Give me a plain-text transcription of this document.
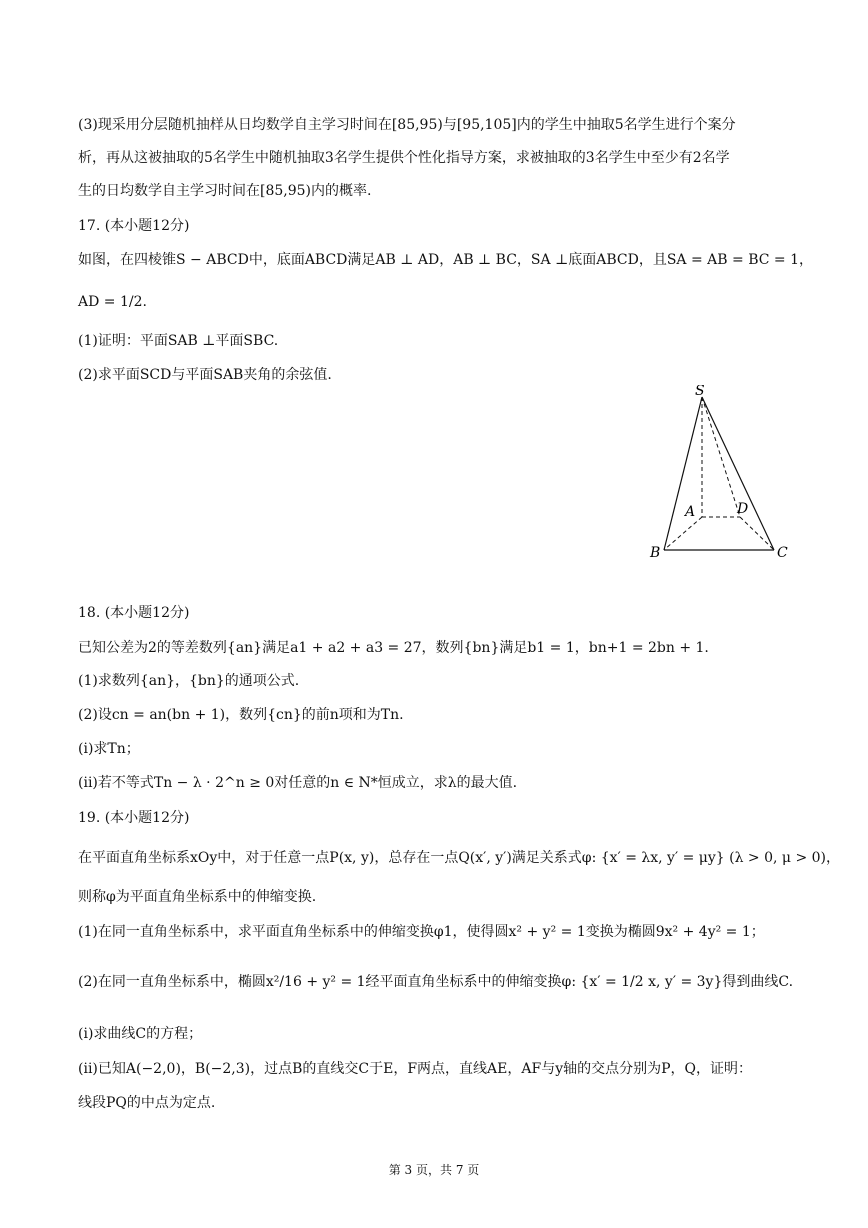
(3)现采用分层随机抽样从日均数学自主学习时间在[85,95)与[95,105]内的学生中抽取5名学生进行个案分
析，再从这被抽取的5名学生中随机抽取3名学生提供个性化指导方案，求被抽取的3名学生中至少有2名学
生的日均数学自主学习时间在[85,95)内的概率.
17. (本小题12分)
如图，在四棱锥S − ABCD中，底面ABCD满足AB ⊥ AD，AB ⊥ BC，SA ⊥底面ABCD，且SA = AB = BC = 1，
AD = 1/2.
(1)证明：平面SAB ⊥平面SBC.
(2)求平面SCD与平面SAB夹角的余弦值.
S
A	D
B	C
18. (本小题12分)
已知公差为2的等差数列{an}满足a1 + a2 + a3 = 27，数列{bn}满足b1 = 1，bn+1 = 2bn + 1.
(1)求数列{an}，{bn}的通项公式.
(2)设cn = an(bn + 1)，数列{cn}的前n项和为Tn.
(i)求Tn；
(ii)若不等式Tn − λ · 2^n ≥ 0对任意的n ∈ N*恒成立，求λ的最大值.
19. (本小题12分)
在平面直角坐标系xOy中，对于任意一点P(x, y)，总存在一点Q(x′, y′)满足关系式φ: {x′ = λx, y′ = μy} (λ > 0, μ > 0)，
则称φ为平面直角坐标系中的伸缩变换.
(1)在同一直角坐标系中，求平面直角坐标系中的伸缩变换φ1，使得圆x² + y² = 1变换为椭圆9x² + 4y² = 1；
(2)在同一直角坐标系中，椭圆x²/16 + y² = 1经平面直角坐标系中的伸缩变换φ: {x′ = 1/2 x, y′ = 3y}得到曲线C.
(i)求曲线C的方程；
(ii)已知A(−2,0)，B(−2,3)，过点B的直线交C于E，F两点，直线AE，AF与y轴的交点分别为P，Q，证明：
线段PQ的中点为定点.
第 3 页，共 7 页
